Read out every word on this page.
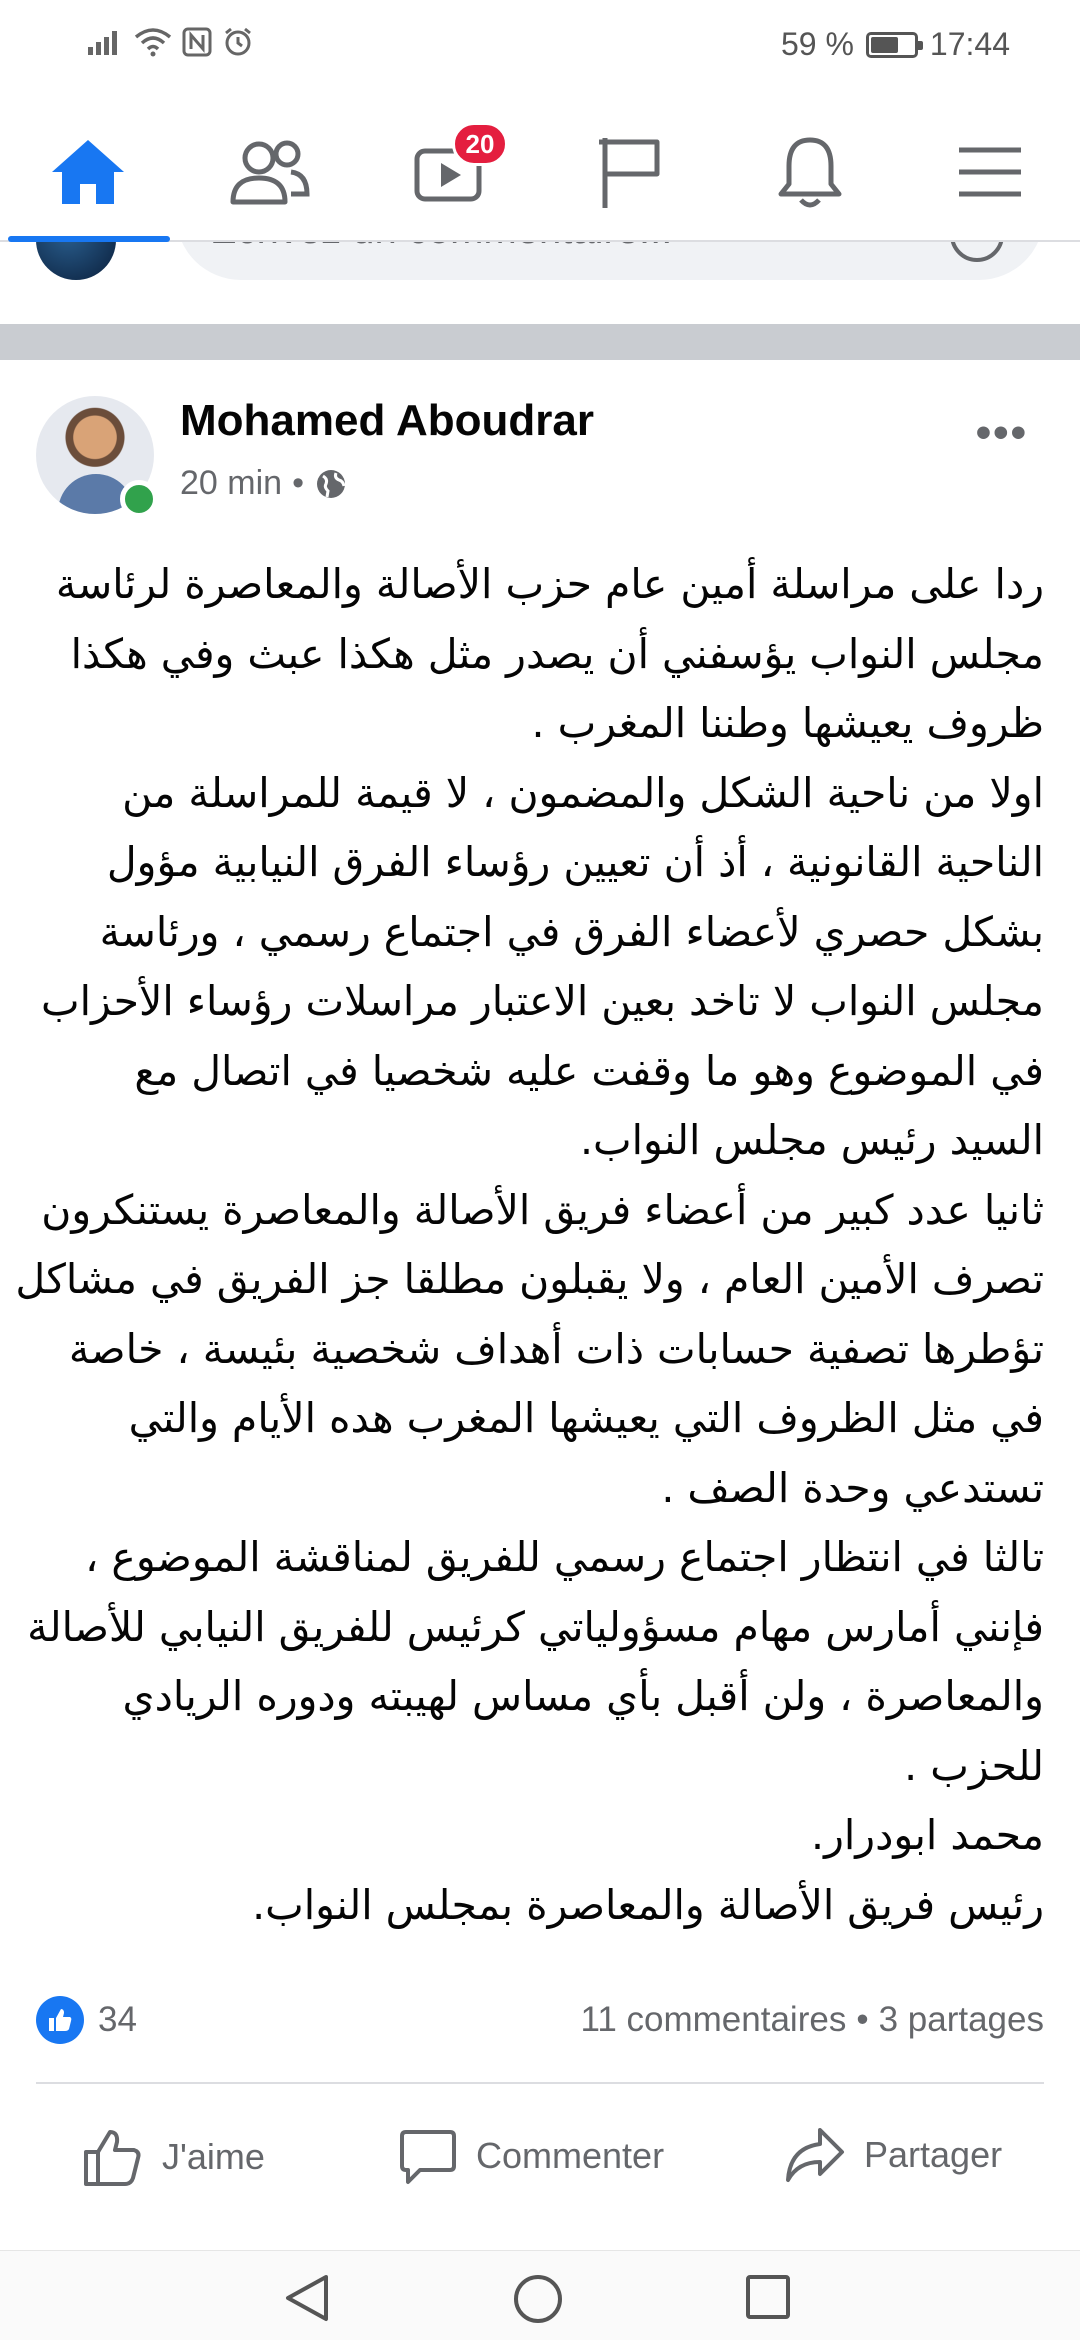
59 % 17:44
20
Mohamed Aboudrar
20 min •
•••
ردا على مراسلة أمين عام حزب الأصالة والمعاصرة لرئاسة
مجلس النواب يؤسفني أن يصدر مثل هكذا عبث وفي هكذا
ظروف يعيشها وطننا المغرب .
اولا من ناحية الشكل والمضمون ، لا قيمة للمراسلة من
الناحية القانونية ، أذ أن تعيين رؤساء الفرق النيابية مؤول
بشكل حصري لأعضاء الفرق في اجتماع رسمي ، ورئاسة
مجلس النواب لا تاخد بعين الاعتبار مراسلات رؤساء الأحزاب
في الموضوع وهو ما وقفت عليه شخصيا في اتصال مع
السيد رئيس مجلس النواب.
ثانيا عدد كبير من أعضاء فريق الأصالة والمعاصرة يستنكرون
تصرف الأمين العام ، ولا يقبلون مطلقا جز الفريق في مشاكل
تؤطرها تصفية حسابات ذات أهداف شخصية بئيسة ، خاصة
في مثل الظروف التي يعيشها المغرب هده الأيام والتي
تستدعي وحدة الصف .
تالثا في انتظار اجتماع رسمي للفريق لمناقشة الموضوع ،
فإنني أمارس مهام مسؤولياتي كرئيس للفريق النيابي للأصالة
والمعاصرة ، ولن أقبل بأي مساس لهيبته ودوره الريادي
للحزب .
محمد ابودرار.
رئيس فريق الأصالة والمعاصرة بمجلس النواب.
34	11 commentaires • 3 partages
J'aime	Commenter	Partager
